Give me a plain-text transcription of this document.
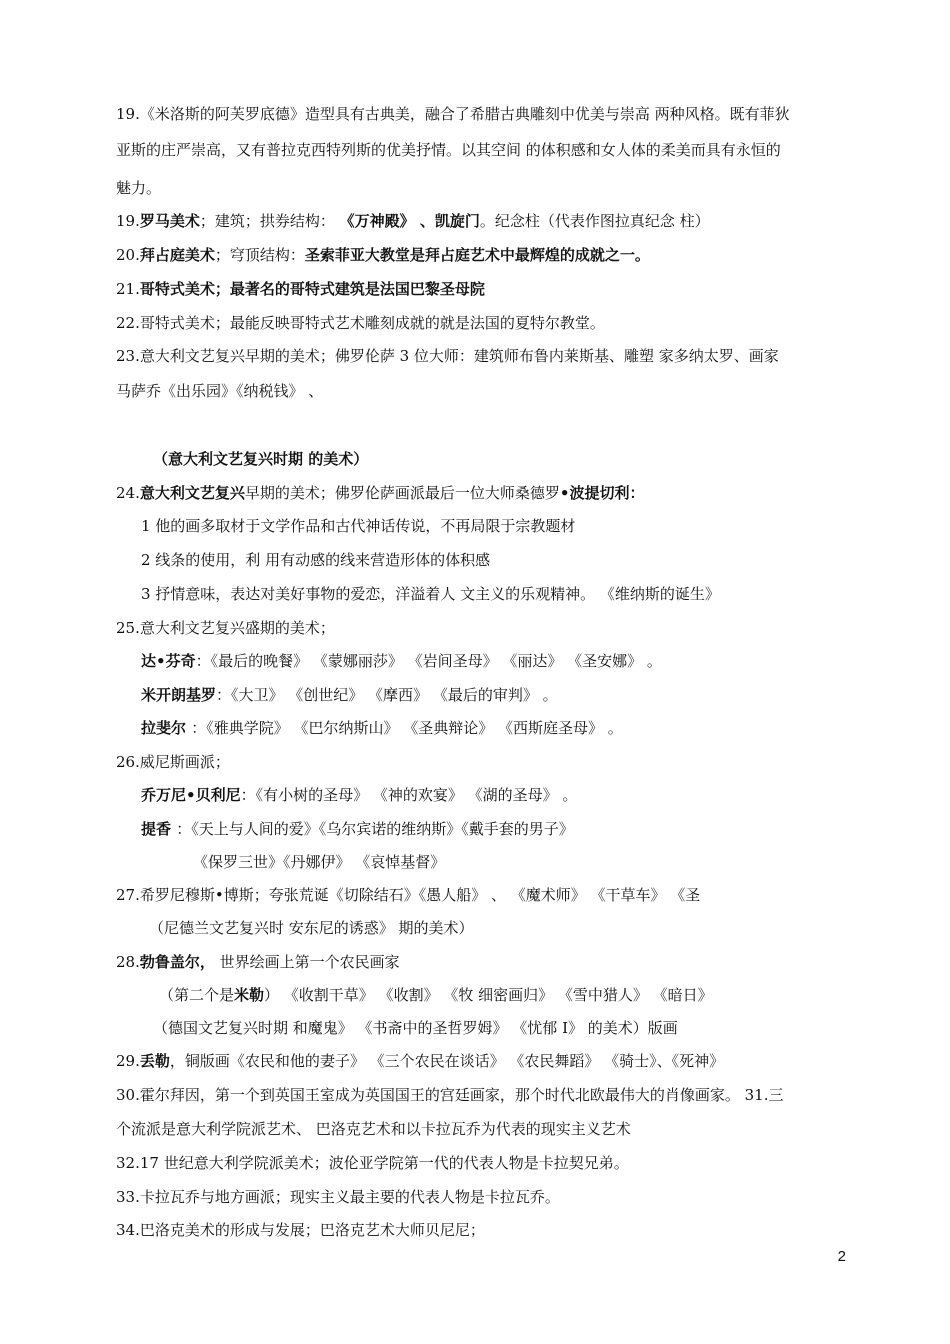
19.《米洛斯的阿芙罗底德》造型具有古典美，融合了希腊古典雕刻中优美与崇高 两种风格。既有菲狄
亚斯的庄严崇高，又有普拉克西特列斯的优美抒情。以其空间 的体积感和女人体的柔美而具有永恒的
魅力。
19.罗马美术；建筑；拱券结构： 《万神殿》 、凯旋门。纪念柱（代表作图拉真纪念 柱）
20.拜占庭美术；穹顶结构：圣索菲亚大教堂是拜占庭艺术中最辉煌的成就之一。
21.哥特式美术；最著名的哥特式建筑是法国巴黎圣母院
22.哥特式美术；最能反映哥特式艺术雕刻成就的就是法国的夏特尔教堂。
23.意大利文艺复兴早期的美术；佛罗伦萨 3 位大师：建筑师布鲁内莱斯基、雕塑 家多纳太罗、画家
马萨乔《出乐园》《纳税钱》 、
（意大利文艺复兴时期 的美术）
24.意大利文艺复兴早期的美术；佛罗伦萨画派最后一位大师桑德罗•波提切利：
1 他的画多取材于文学作品和古代神话传说，不再局限于宗教题材
2 线条的使用，利 用有动感的线来营造形体的体积感
3 抒情意味，表达对美好事物的爱恋，洋溢着人 文主义的乐观精神。 《维纳斯的诞生》
25.意大利文艺复兴盛期的美术；
达•芬奇：《最后的晚餐》 《蒙娜丽莎》 《岩间圣母》 《丽达》 《圣安娜》 。
米开朗基罗：《大卫》 《创世纪》 《摩西》 《最后的审判》 。
拉斐尔 ：《雅典学院》 《巴尔纳斯山》 《圣典辩论》 《西斯庭圣母》 。
26.威尼斯画派；
乔万尼•贝利尼：《有小树的圣母》 《神的欢宴》 《湖的圣母》 。
提香 ：《天上与人间的爱》《乌尔宾诺的维纳斯》《戴手套的男子》
《保罗三世》《丹娜伊》 《哀悼基督》
27.希罗尼穆斯•博斯；夸张荒诞《切除结石》《愚人船》 、 《魔术师》 《干草车》 《圣
（尼德兰文艺复兴时 安东尼的诱惑》 期的美术）
28.勃鲁盖尔， 世界绘画上第一个农民画家
（第二个是米勒） 《收割干草》 《收割》 《牧 细密画归》 《雪中猎人》 《暗日》
（德国文艺复兴时期 和魔鬼》 《书斋中的圣哲罗姆》 《忧郁 I》 的美术）版画
29.丢勒，铜版画《农民和他的妻子》 《三个农民在谈话》 《农民舞蹈》 《骑士》、《死神》
30.霍尔拜因，第一个到英国王室成为英国国王的宫廷画家，那个时代北欧最伟大的肖像画家。 31.三
个流派是意大利学院派艺术、 巴洛克艺术和以卡拉瓦乔为代表的现实主义艺术
32.17 世纪意大利学院派美术；波伦亚学院第一代的代表人物是卡拉契兄弟。
33.卡拉瓦乔与地方画派；现实主义最主要的代表人物是卡拉瓦乔。
34.巴洛克美术的形成与发展；巴洛克艺术大师贝尼尼；
2
